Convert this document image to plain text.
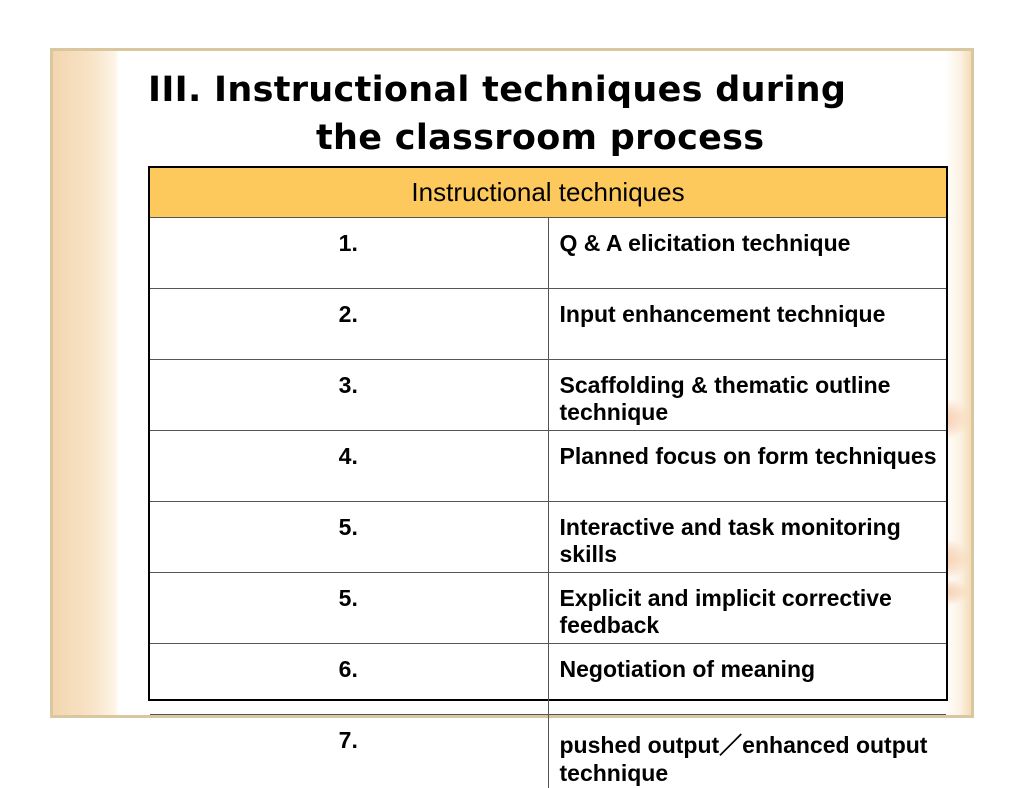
III. Instructional techniques during
the classroom process
Instructional techniques	
1.	Q & A elicitation technique
2.	Input enhancement technique
3.	Scaffolding & thematic outline technique
4.	Planned focus on form techniques
5.	Interactive and task monitoring skills
5.	Explicit and implicit corrective feedback
6.	Negotiation of meaning
7.	pushed output／enhanced output technique
